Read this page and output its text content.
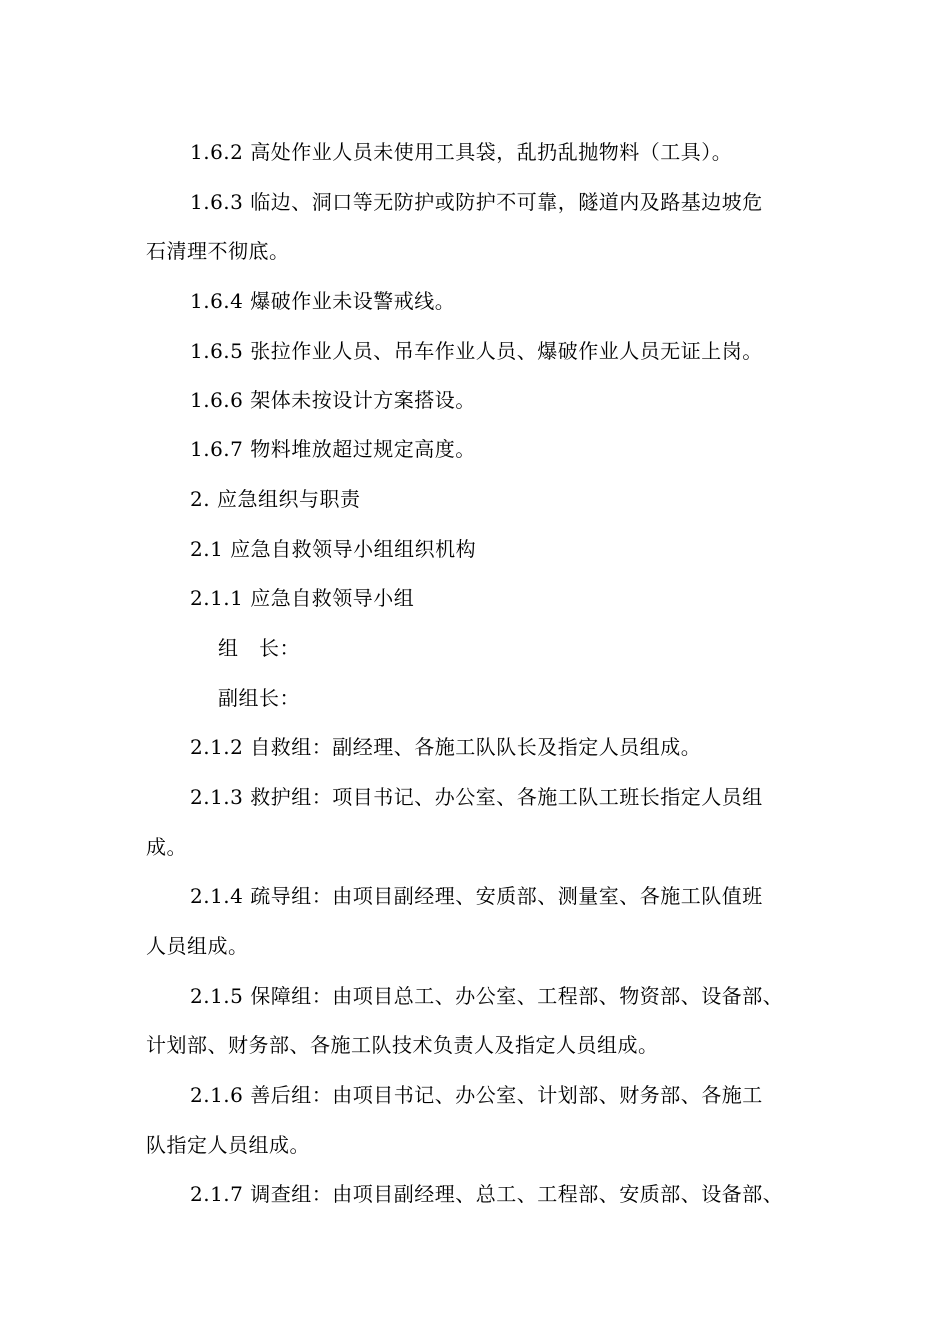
1.6.2 高处作业人员未使用工具袋，乱扔乱抛物料（工具）。
1.6.3 临边、洞口等无防护或防护不可靠，隧道内及路基边坡危
石清理不彻底。
1.6.4 爆破作业未设警戒线。
1.6.5 张拉作业人员、吊车作业人员、爆破作业人员无证上岗。
1.6.6 架体未按设计方案搭设。
1.6.7 物料堆放超过规定高度。
2. 应急组织与职责
2.1 应急自救领导小组组织机构
2.1.1 应急自救领导小组
组　长：
副组长：
2.1.2 自救组：副经理、各施工队队长及指定人员组成。
2.1.3 救护组：项目书记、办公室、各施工队工班长指定人员组
成。
2.1.4 疏导组：由项目副经理、安质部、测量室、各施工队值班
人员组成。
2.1.5 保障组：由项目总工、办公室、工程部、物资部、设备部、
计划部、财务部、各施工队技术负责人及指定人员组成。
2.1.6 善后组：由项目书记、办公室、计划部、财务部、各施工
队指定人员组成。
2.1.7 调查组：由项目副经理、总工、工程部、安质部、设备部、
